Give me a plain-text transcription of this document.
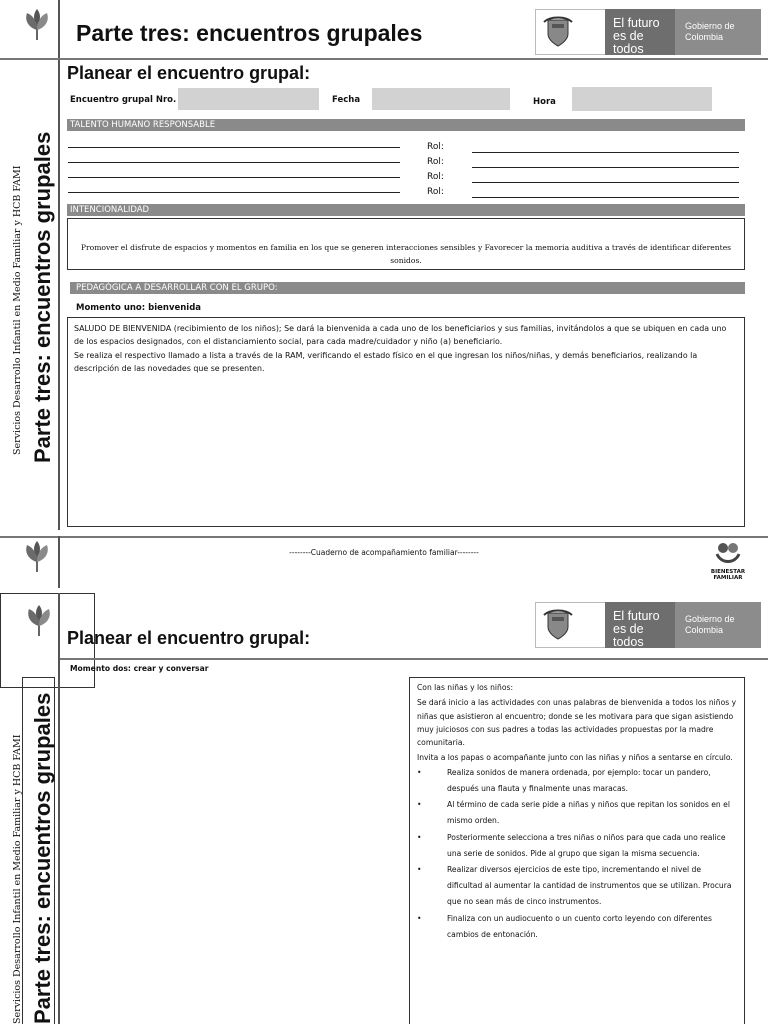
Parte tres: encuentros grupales	El futuro es de todos
Gobierno de Colombia
Servicios Desarrollo Infantil en Medio Familiar y HCB FAMI Parte tres: encuentros grupales
Planear el encuentro grupal:
Encuentro grupal Nro.	Fecha	Hora
TALENTO HUMANO RESPONSABLE
Rol:
Rol:
Rol:
Rol:
INTENCIONALIDAD
Promover el disfrute de espacios y momentos en familia en los que se generen interacciones sensibles y Favorecer la memoria auditiva a través de identificar diferentes sonidos.
PEDAGÓGICA A DESARROLLAR CON EL GRUPO:
Momento uno: bienvenida
SALUDO DE BIENVENIDA (recibimiento de los niños); Se dará la bienvenida a cada uno de los beneficiarios y sus familias, invitándolos a que se ubiquen en cada uno de los espacios designados, con el distanciamiento social, para cada madre/cuidador y niño (a) beneficiario.
Se realiza el respectivo llamado a lista a través de la RAM, verificando el estado físico en el que ingresan los niños/niñas, y demás beneficiarios, realizando la descripción de las novedades que se presenten.
--------Cuaderno de acompañamiento familiar--------
BIENESTAR FAMILIAR
Planear el encuentro grupal:
El futuro es de todos
Gobierno de Colombia
Momento dos: crear y conversar
Servicios Desarrollo Infantil en Medio Familiar y HCB FAMI Parte tres: encuentros grupales
Con las niñas y los niños:
Se dará inicio a las actividades con unas palabras de bienvenida a todos los niños y niñas que asistieron al encuentro; donde se les motivara para que sigan asistiendo muy juiciosos con sus padres a todas las actividades propuestas por la madre comunitaria.
Invita a los papas o acompañante junto con las niñas y niños a sentarse en círculo.
•	Realiza sonidos de manera ordenada, por ejemplo: tocar un pandero, después una flauta y finalmente unas maracas.
•	Al término de cada serie pide a niñas y niños que repitan los sonidos en el mismo orden.
•	Posteriormente selecciona a tres niñas o niños para que cada uno realice una serie de sonidos. Pide al grupo que sigan la misma secuencia.
•	Realizar diversos ejercicios de este tipo, incrementando el nivel de dificultad al aumentar la cantidad de instrumentos que se utilizan. Procura que no sean más de cinco instrumentos.
•	Finaliza con un audiocuento o un cuento corto leyendo con diferentes cambios de entonación.
